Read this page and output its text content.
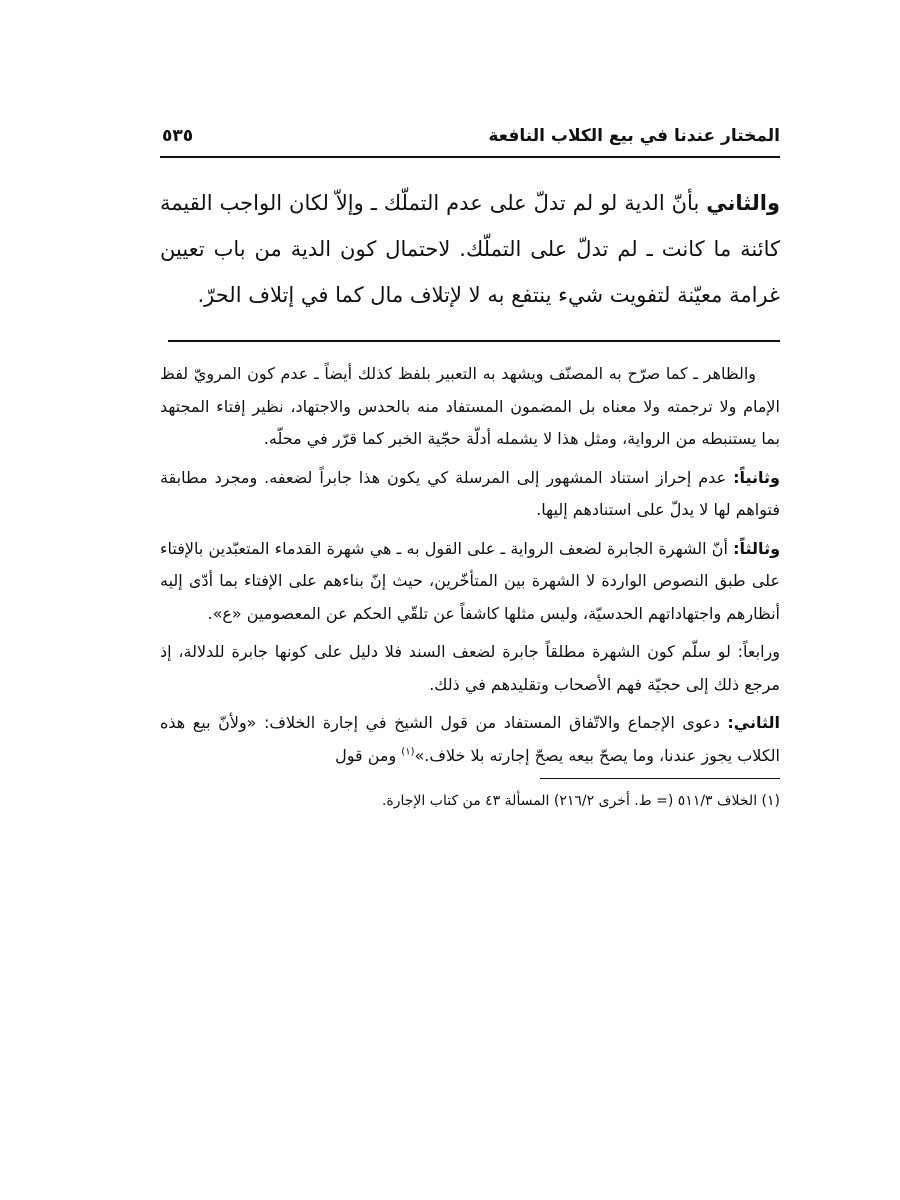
المختار عندنا في بيع الكلاب النافعة
٥٣٥
والثاني بأنّ الدية لو لم تدلّ على عدم التملّك ـ وإلاّ لكان الواجب القيمة كائنة ما كانت ـ لم تدلّ على التملّك. لاحتمال كون الدية من باب تعيين غرامة معيّنة لتفويت شيء ينتفع به لا لإتلاف مال كما في إتلاف الحرّ.
والظاهر ـ كما صرّح به المصنّف ويشهد به التعبير بلفظ كذلك أيضاً ـ عدم كون المرويّ لفظ الإمام ولا ترجمته ولا معناه بل المضمون المستفاد منه بالحدس والاجتهاد، نظير إفتاء المجتهد بما يستنبطه من الرواية، ومثل هذا لا يشمله أدلّة حجّية الخبر كما قرّر في محلّه.
وثانياً: عدم إحراز استناد المشهور إلى المرسلة كي يكون هذا جابراً لضعفه. ومجرد مطابقة فتواهم لها لا يدلّ على استنادهم إليها.
وثالثاً: أنّ الشهرة الجابرة لضعف الرواية ـ على القول به ـ هي شهرة القدماء المتعبّدين بالإفتاء على طبق النصوص الواردة لا الشهرة بين المتأخّرين، حيث إنّ بناءهم على الإفتاء بما أدّى إليه أنظارهم واجتهاداتهم الحدسيّة، وليس مثلها كاشفاً عن تلقّي الحكم عن المعصومين «ع».
ورابعاً: لو سلّم كون الشهرة مطلقاً جابرة لضعف السند فلا دليل على كونها جابرة للدلالة، إذ مرجع ذلك إلى حجيّة فهم الأصحاب وتقليدهم في ذلك.
الثاني: دعوى الإجماع والاتّفاق المستفاد من قول الشيخ في إجارة الخلاف: «ولأنّ بيع هذه الكلاب يجوز عندنا، وما يصحّ بيعه يصحّ إجارته بلا خلاف.»$^{(١)}$ ومن قول
(١) الخلاف ٥١١/٣ (= ط. أخرى ٢١٦/٢) المسألة ٤٣ من كتاب الإجارة.
